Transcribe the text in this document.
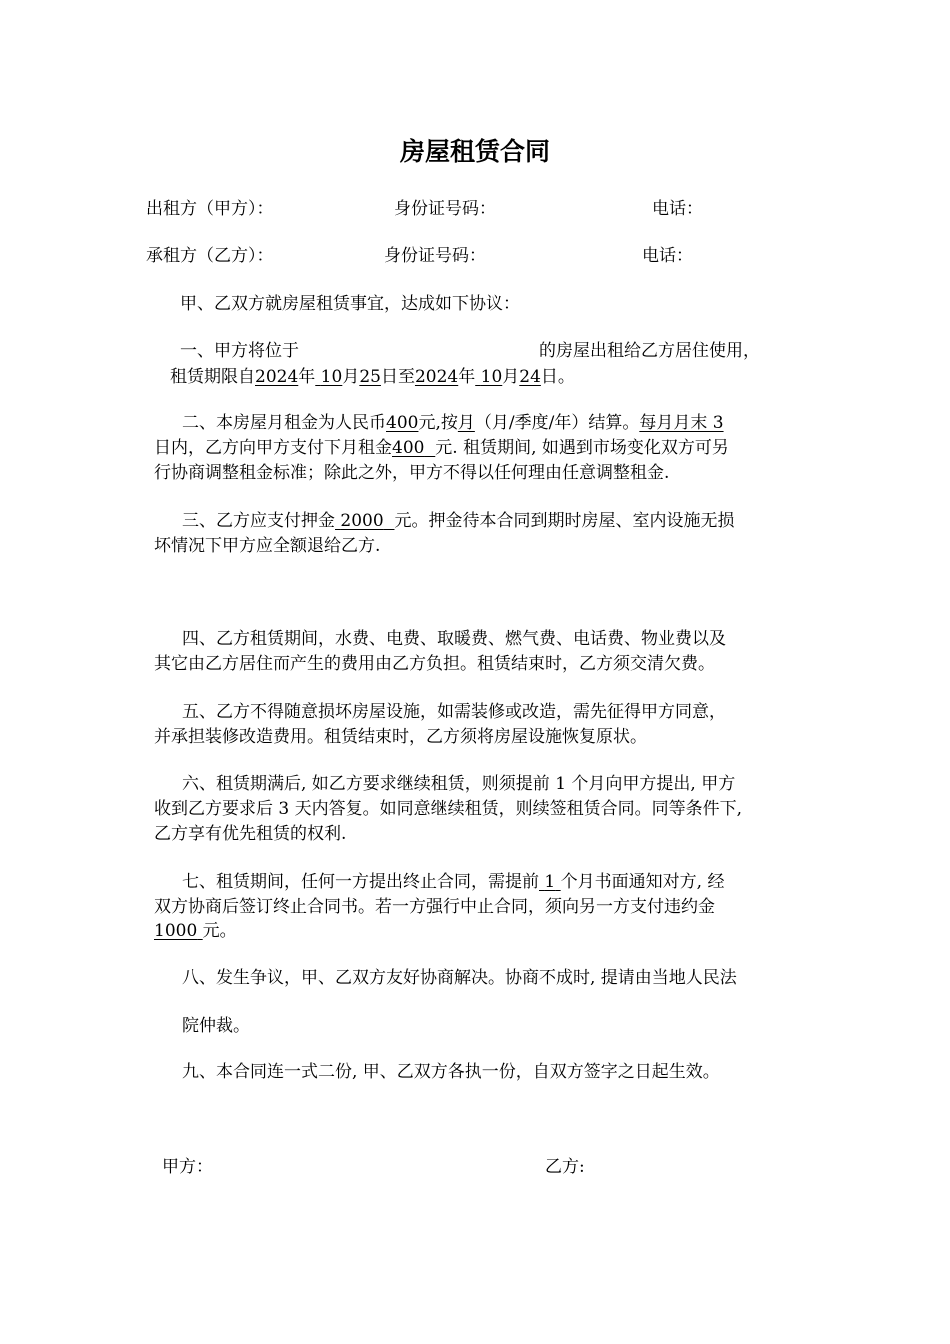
房屋租赁合同
出租方（甲方）：	身份证号码：	电话：
承租方（乙方）：	身份证号码：	电话：
甲、乙双方就房屋租赁事宜，达成如下协议：
一、甲方将位于	的房屋出租给乙方居住使用，
租赁期限自2024年 10月25日至2024年 10月24日。
二、本房屋月租金为人民币400元,按月（月/季度/年）结算。每月月末 3
日内，乙方向甲方支付下月租金400 元. 租赁期间, 如遇到市场变化双方可另
行协商调整租金标准；除此之外，甲方不得以任何理由任意调整租金.
三、乙方应支付押金 2000 元。押金待本合同到期时房屋、室内设施无损
坏情况下甲方应全额退给乙方.
四、乙方租赁期间，水费、电费、取暖费、燃气费、电话费、物业费以及
其它由乙方居住而产生的费用由乙方负担。租赁结束时，乙方须交清欠费。
五、乙方不得随意损坏房屋设施，如需装修或改造，需先征得甲方同意，
并承担装修改造费用。租赁结束时，乙方须将房屋设施恢复原状。
六、租赁期满后, 如乙方要求继续租赁，则须提前 1 个月向甲方提出, 甲方
收到乙方要求后 3 天内答复。如同意继续租赁，则续签租赁合同。同等条件下,
乙方享有优先租赁的权利.
七、租赁期间，任何一方提出终止合同，需提前 1 个月书面通知对方, 经
双方协商后签订终止合同书。若一方强行中止合同，须向另一方支付违约金
1000 元。
八、发生争议，甲、乙双方友好协商解决。协商不成时, 提请由当地人民法
院仲裁。
九、本合同连一式二份, 甲、乙双方各执一份，自双方签字之日起生效。
甲方：	乙方:
